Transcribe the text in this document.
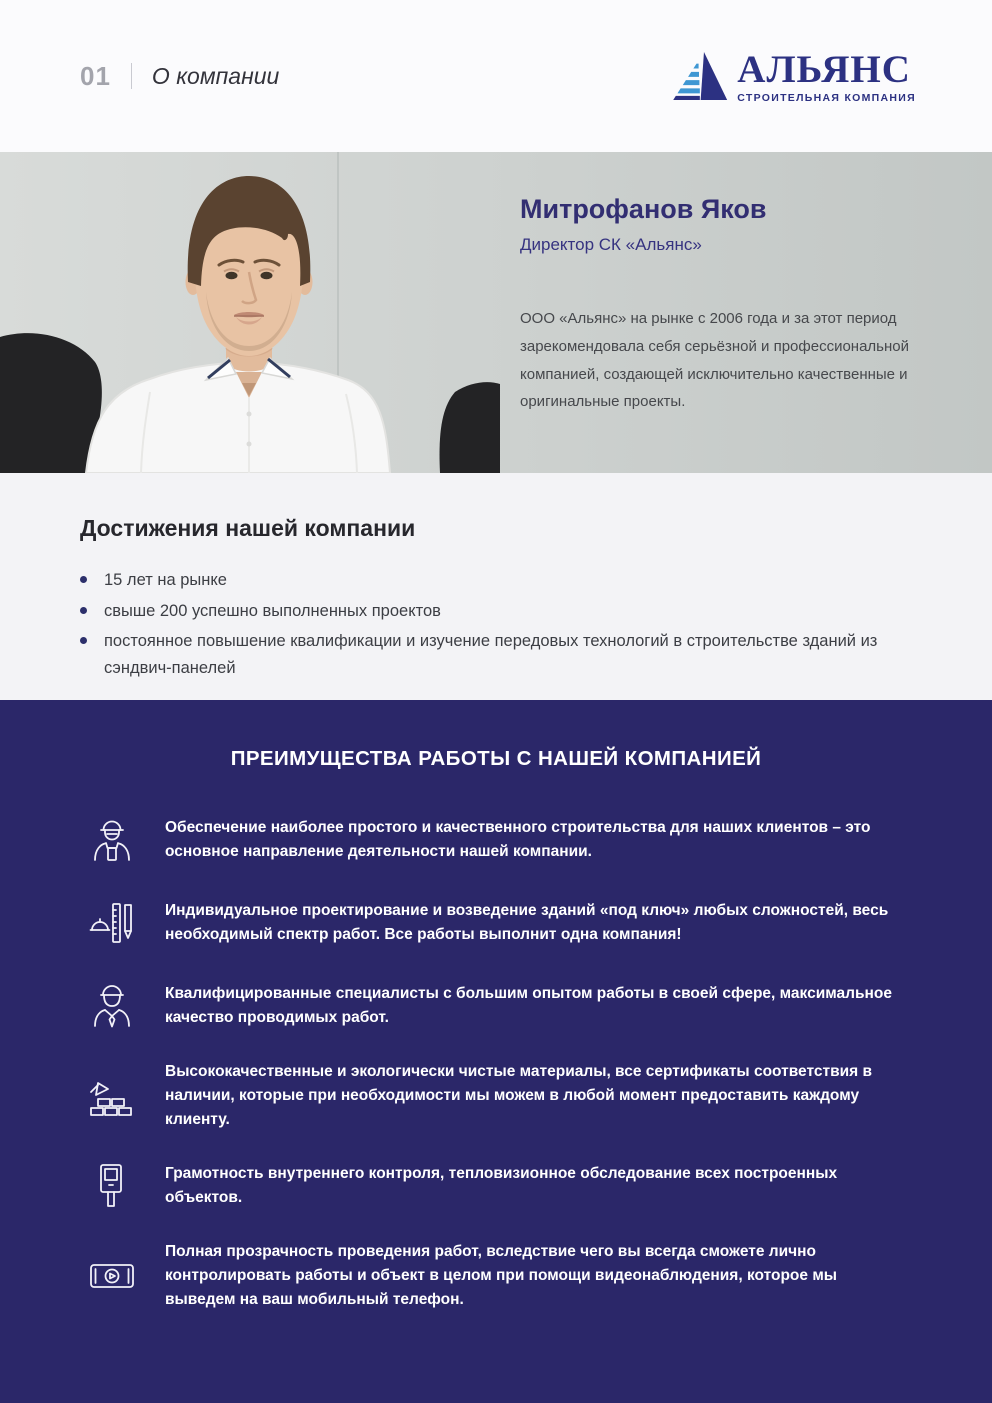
01 О компании	АЛЬЯНС
СТРОИТЕЛЬНАЯ КОМПАНИЯ
Митрофанов Яков
Директор СК «Альянс»

ООО «Альянс» на рынке с 2006 года и за этот период зарекомендовала себя серьёзной и профессиональной компанией, создающей исключительно качественные и оригинальные проекты.

Достижения нашей компании
15 лет на рынке
свыше 200 успешно выполненных проектов
постоянное повышение квалификации и изучение передовых технологий в строительстве зданий из сэндвич-панелей
ПРЕИМУЩЕСТВА РАБОТЫ С НАШЕЙ КОМПАНИЕЙ

Обеспечение наиболее простого и качественного строительства для наших клиентов – это основное направление деятельности нашей компании.

Индивидуальное проектирование и возведение зданий «под ключ» любых сложностей, весь необходимый спектр работ. Все работы выполнит одна компания!

Квалифицированные специалисты с большим опытом работы в своей сфере, максимальное качество проводимых работ.

Высококачественные и экологически чистые материалы, все сертификаты соответствия в наличии, которые при необходимости мы можем в любой момент предоставить каждому клиенту.

Грамотность внутреннего контроля, тепловизионное обследование всех построенных объектов.

Полная прозрачность проведения работ, вследствие чего вы всегда сможете лично контролировать работы и объект в целом при помощи видеонаблюдения, которое мы выведем на ваш мобильный телефон.
